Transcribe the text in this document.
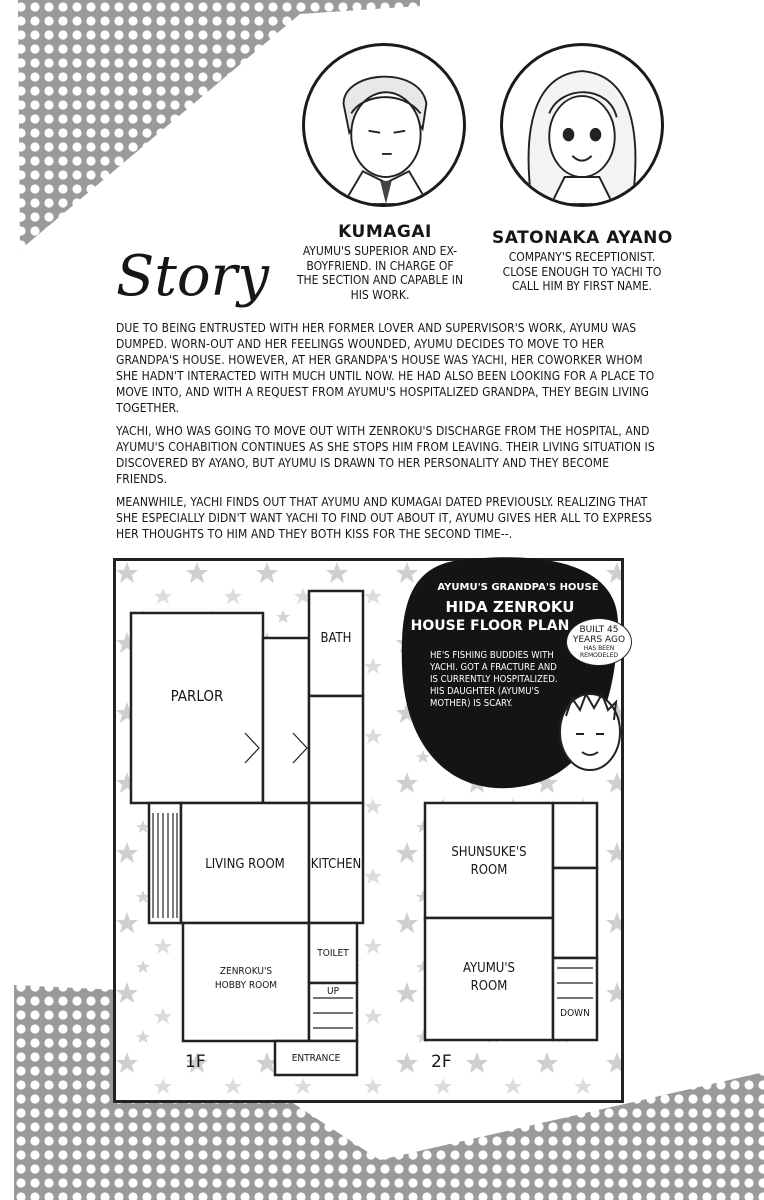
KUMAGAI
AYUMU'S SUPERIOR AND EX-BOYFRIEND. IN CHARGE OF THE SECTION AND CAPABLE IN HIS WORK.
SATONAKA AYANO
COMPANY'S RECEPTIONIST. CLOSE ENOUGH TO YACHI TO CALL HIM BY FIRST NAME.
Story

DUE TO BEING ENTRUSTED WITH HER FORMER LOVER AND SUPERVISOR'S WORK, AYUMU WAS DUMPED. WORN-OUT AND HER FEELINGS WOUNDED, AYUMU DECIDES TO MOVE TO HER GRANDPA'S HOUSE. HOWEVER, AT HER GRANDPA'S HOUSE WAS YACHI, HER COWORKER WHOM SHE HADN'T INTERACTED WITH MUCH UNTIL NOW. HE HAD ALSO BEEN LOOKING FOR A PLACE TO MOVE INTO, AND WITH A REQUEST FROM AYUMU'S HOSPITALIZED GRANDPA, THEY BEGIN LIVING TOGETHER.

YACHI, WHO WAS GOING TO MOVE OUT WITH ZENROKU'S DISCHARGE FROM THE HOSPITAL, AND AYUMU'S COHABITION CONTINUES AS SHE STOPS HIM FROM LEAVING. THEIR LIVING SITUATION IS DISCOVERED BY AYANO, BUT AYUMU IS DRAWN TO HER PERSONALITY AND THEY BECOME FRIENDS.

MEANWHILE, YACHI FINDS OUT THAT AYUMU AND KUMAGAI DATED PREVIOUSLY. REALIZING THAT SHE ESPECIALLY DIDN'T WANT YACHI TO FIND OUT ABOUT IT, AYUMU GIVES HER ALL TO EXPRESS HER THOUGHTS TO HIM AND THEY BOTH KISS FOR THE SECOND TIME--.

BATH
PARLOR
LIVING ROOM	KITCHEN
TOILET
ZENROKU'S
HOBBY ROOM
UP
ENTRANCE
SHUNSUKE'S
ROOM
AYUMU'S
ROOM
DOWN
1F	2F
AYUMU'S GRANDPA'S HOUSE
HIDA ZENROKU
HOUSE FLOOR PLAN
HE'S FISHING BUDDIES WITH YACHI. GOT A FRACTURE AND IS CURRENTLY HOSPITALIZED. HIS DAUGHTER (AYUMU'S MOTHER) IS SCARY.
BUILT 45
YEARS AGO
HAS BEEN REMODELED
